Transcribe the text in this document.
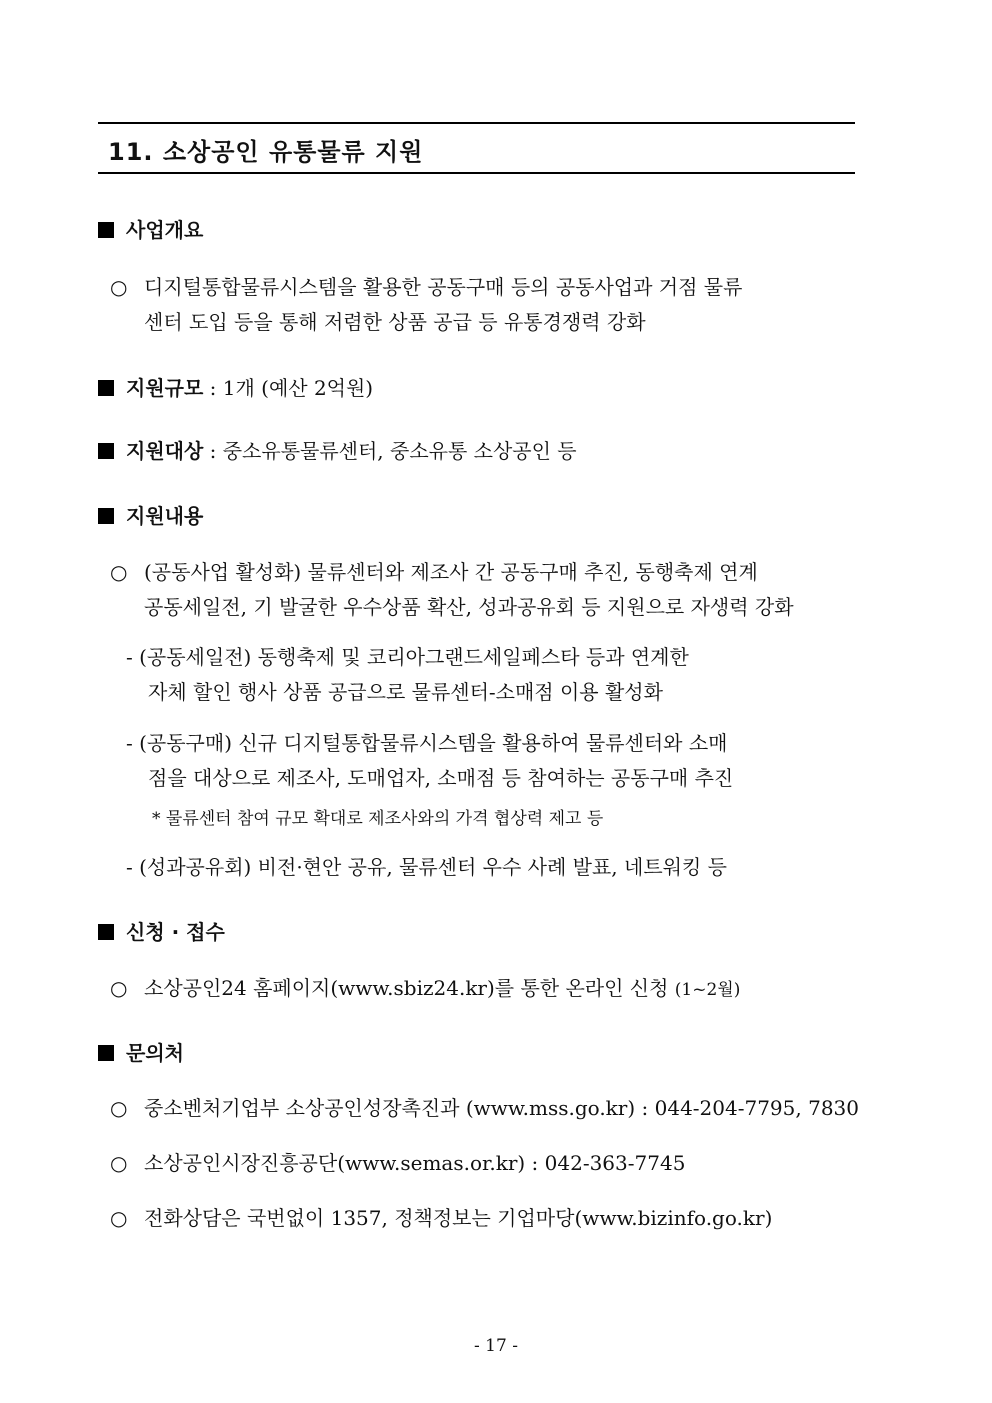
11. 소상공인 유통물류 지원
사업개요
○ 디지털통합물류시스템을 활용한 공동구매 등의 공동사업과 거점 물류
센터 도입 등을 통해 저렴한 상품 공급 등 유통경쟁력 강화
지원규모 : 1개 (예산 2억원)
지원대상 : 중소유통물류센터, 중소유통 소상공인 등
지원내용
○ (공동사업 활성화) 물류센터와 제조사 간 공동구매 추진, 동행축제 연계
공동세일전, 기 발굴한 우수상품 확산, 성과공유회 등 지원으로 자생력 강화
- (공동세일전) 동행축제 및 코리아그랜드세일페스타 등과 연계한
자체 할인 행사 상품 공급으로 물류센터-소매점 이용 활성화
- (공동구매) 신규 디지털통합물류시스템을 활용하여 물류센터와 소매
점을 대상으로 제조사, 도매업자, 소매점 등 참여하는 공동구매 추진
* 물류센터 참여 규모 확대로 제조사와의 가격 협상력 제고 등
- (성과공유회) 비전·현안 공유, 물류센터 우수 사례 발표, 네트워킹 등
신청 · 접수
○ 소상공인24 홈페이지(www.sbiz24.kr)를 통한 온라인 신청 (1~2월)
문의처
○ 중소벤처기업부 소상공인성장촉진과 (www.mss.go.kr) : 044-204-7795, 7830
○ 소상공인시장진흥공단(www.semas.or.kr) : 042-363-7745
○ 전화상담은 국번없이 1357, 정책정보는 기업마당(www.bizinfo.go.kr)
- 17 -
